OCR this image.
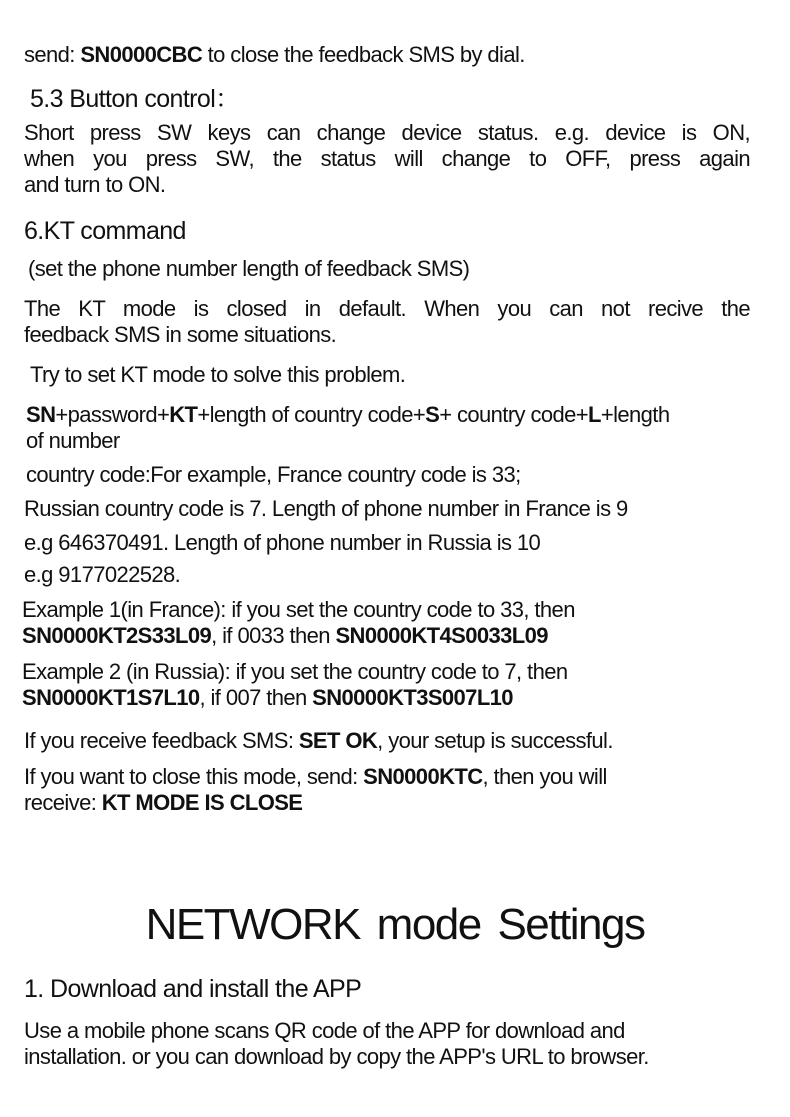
send: SN0000CBC to close the feedback SMS by dial.
5.3 Button control：
Short press SW keys can change device status. e.g. device is ON,
when you press SW, the status will change to OFF, press again
and turn to ON.
6.KT command
(set the phone number length of feedback SMS)
The KT mode is closed in default. When you can not recive the
feedback SMS in some situations.
Try to set KT mode to solve this problem.
SN+password+KT+length of country code+S+ country code+L+length
of number
country code:For example, France country code is 33;
Russian country code is 7. Length of phone number in France is 9
e.g 646370491. Length of phone number in Russia is 10
e.g 9177022528.
Example 1(in France): if you set the country code to 33, then
SN0000KT2S33L09, if 0033 then SN0000KT4S0033L09
Example 2 (in Russia): if you set the country code to 7, then
SN0000KT1S7L10, if 007 then SN0000KT3S007L10
If you receive feedback SMS: SET OK, your setup is successful.
If you want to close this mode, send: SN0000KTC, then you will
receive: KT MODE IS CLOSE
NETWORK mode Settings
1. Download and install the APP
Use a mobile phone scans QR code of the APP for download and
installation. or you can download by copy the APP's URL to browser.
